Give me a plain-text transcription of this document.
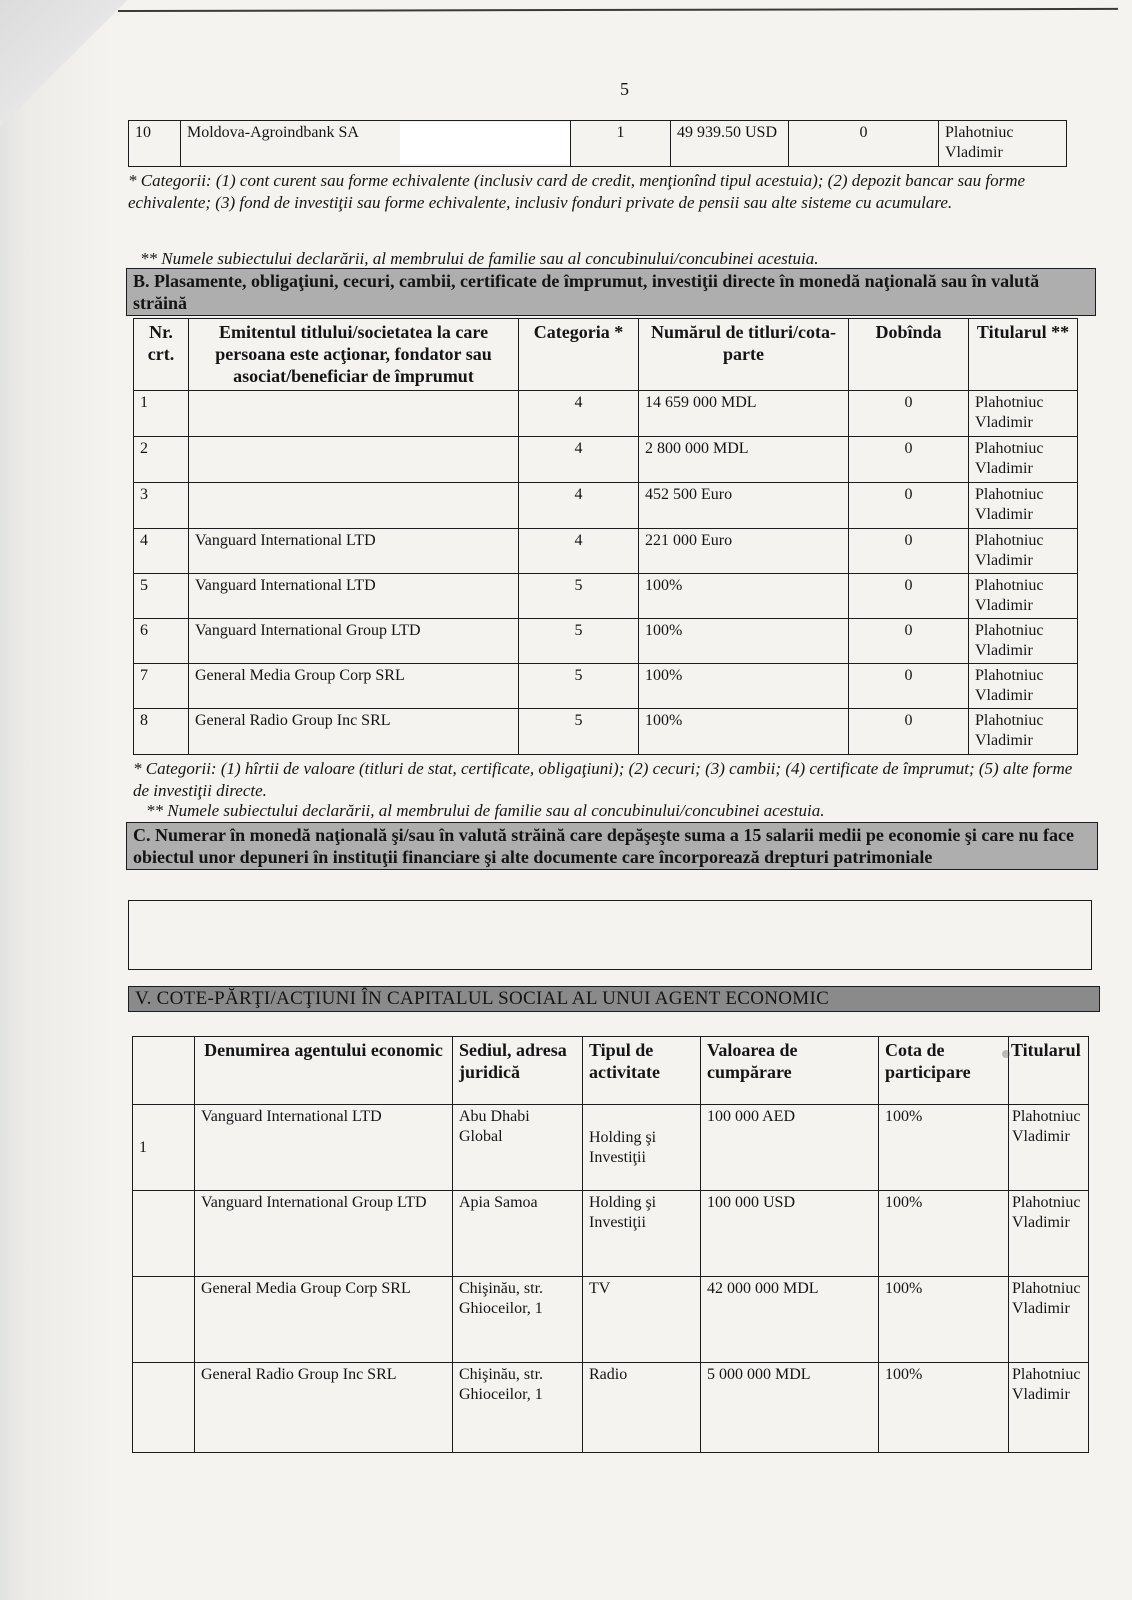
5
10	Moldova-Agroindbank SA	1	49 939.50 USD	0	Plahotniuc Vladimir
* Categorii: (1) cont curent sau forme echivalente (inclusiv card de credit, menţionînd tipul acestuia); (2) depozit bancar sau forme echivalente; (3) fond de investiţii sau forme echivalente, inclusiv fonduri private de pensii sau alte sisteme cu acumulare.
** Numele subiectului declarării, al membrului de familie sau al concubinului/concubinei acestuia.
B. Plasamente, obligaţiuni, cecuri, cambii, certificate de împrumut, investiţii directe în monedă naţională sau în valută străină
Nr. crt.	Emitentul titlului/societatea la care persoana este acţionar, fondator sau asociat/beneficiar de împrumut	Categoria *	Numărul de titluri/cota-parte	Dobînda	Titularul **
1		4	14 659 000 MDL	0	Plahotniuc Vladimir
2		4	2 800 000 MDL	0	Plahotniuc Vladimir
3		4	452 500 Euro	0	Plahotniuc Vladimir
4	Vanguard International LTD	4	221 000 Euro	0	Plahotniuc Vladimir
5	Vanguard International LTD	5	100%	0	Plahotniuc Vladimir
6	Vanguard International Group LTD	5	100%	0	Plahotniuc Vladimir
7	General Media Group Corp SRL	5	100%	0	Plahotniuc Vladimir
8	General Radio Group Inc SRL	5	100%	0	Plahotniuc Vladimir
* Categorii: (1) hîrtii de valoare (titluri de stat, certificate, obligaţiuni); (2) cecuri; (3) cambii; (4) certificate de împrumut; (5) alte forme de investiţii directe.
** Numele subiectului declarării, al membrului de familie sau al concubinului/concubinei acestuia.
C. Numerar în monedă naţională şi/sau în valută străină care depăşeşte suma a 15 salarii medii pe economie şi care nu face obiectul unor depuneri în instituţii financiare şi alte documente care încorporează drepturi patrimoniale
V. COTE-PĂRŢI/ACŢIUNI ÎN CAPITALUL SOCIAL AL UNUI AGENT ECONOMIC
	Denumirea agentului economic	Sediul, adresa juridică	Tipul de activitate	Valoarea de cumpărare	Cota de participare	Titularul
1	Vanguard International LTD	Abu Dhabi Global	Holding şi Investiţii	100 000 AED	100%	Plahotniuc Vladimir
	Vanguard International Group LTD	Apia Samoa	Holding şi Investiţii	100 000 USD	100%	Plahotniuc Vladimir
	General Media Group Corp SRL	Chişinău, str. Ghioceilor, 1	TV	42 000 000 MDL	100%	Plahotniuc Vladimir
	General Radio Group Inc SRL	Chişinău, str. Ghioceilor, 1	Radio	5 000 000 MDL	100%	Plahotniuc Vladimir
